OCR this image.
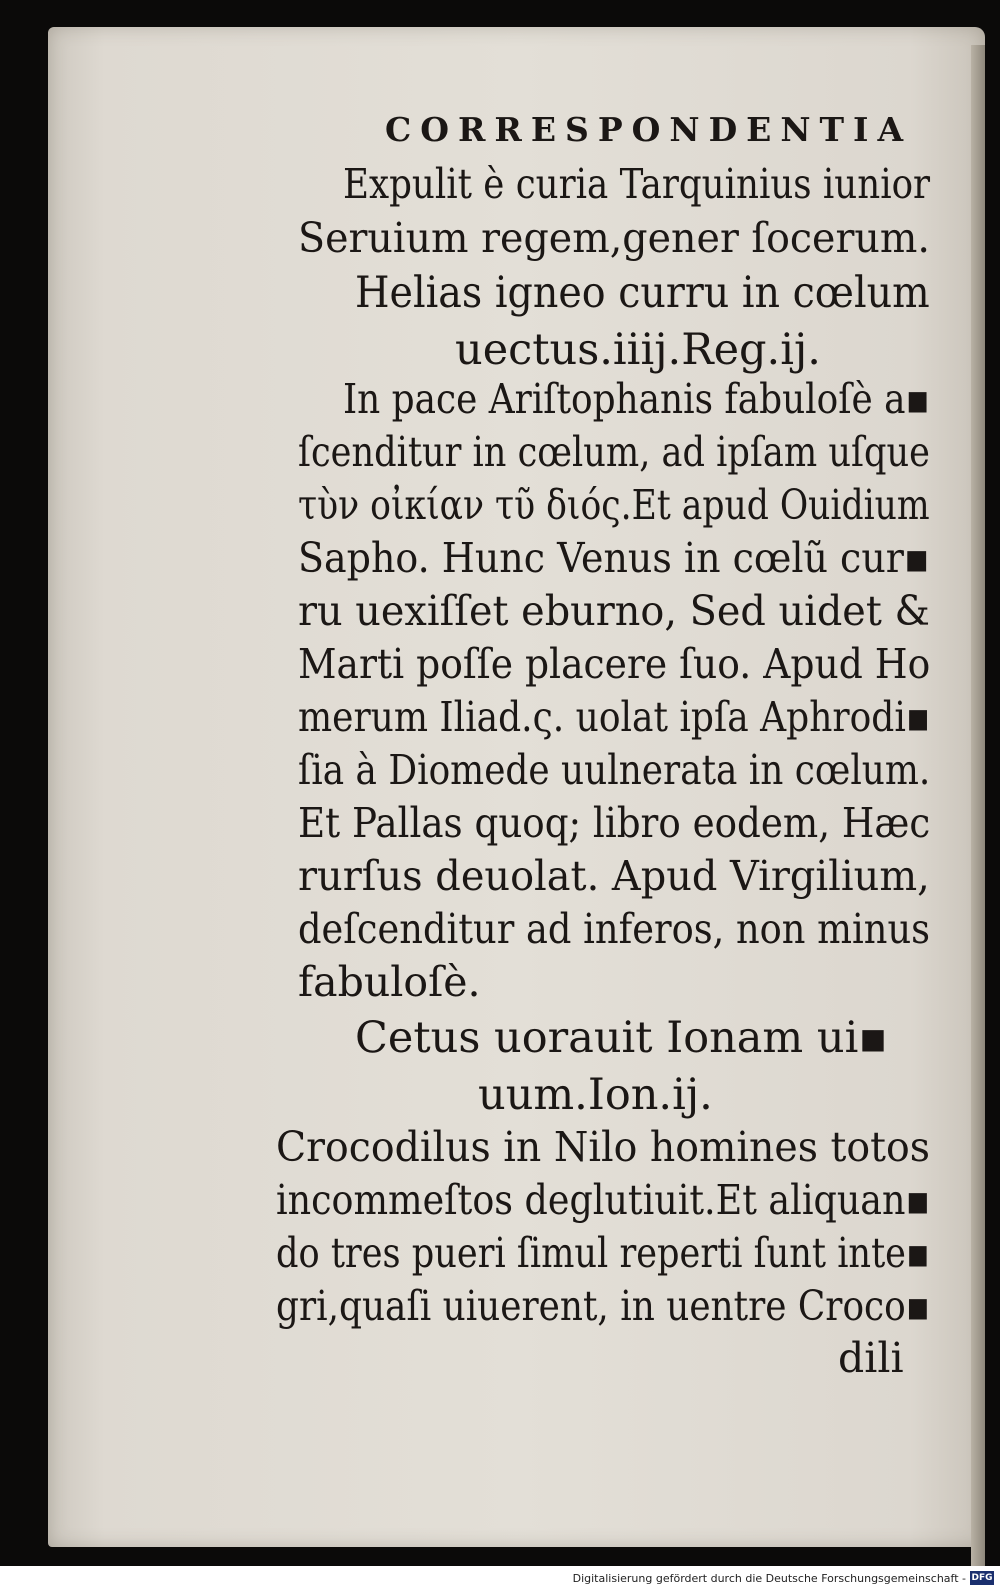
CORRESPONDENTIA
Expulit è curia Tarquinius iunior
Seruium regem,gener ſocerum.
Helias igneo curru in cœlum
uectus.iiij.Reg.ij.
In pace Ariſtophanis fabuloſè a▪
ſcenditur in cœlum, ad ipſam uſque
τὺν οἰκίαν τῦ διός.Et apud Ouidium
Sapho. Hunc Venus in cœlũ cur▪
ru uexiſſet eburno, Sed uidet &
Marti poſſe placere ſuo. Apud Ho
merum Iliad.ς. uolat ipſa Aphrodi▪
ſia à Diomede uulnerata in cœlum.
Et Pallas quoq; libro eodem, Hæc
rurſus deuolat. Apud Virgilium,
deſcenditur ad inferos, non minus
fabuloſè.
Cetus uorauit Ionam ui▪
uum.Ion.ij.
Crocodilus in Nilo homines totos
incommeſtos deglutiuit.Et aliquan▪
do tres pueri ſimul reperti ſunt inte▪
gri,quaſi uiuerent, in uentre Croco▪
dili
Digitalisierung gefördert durch die Deutsche Forschungsgemeinschaft - DFG
